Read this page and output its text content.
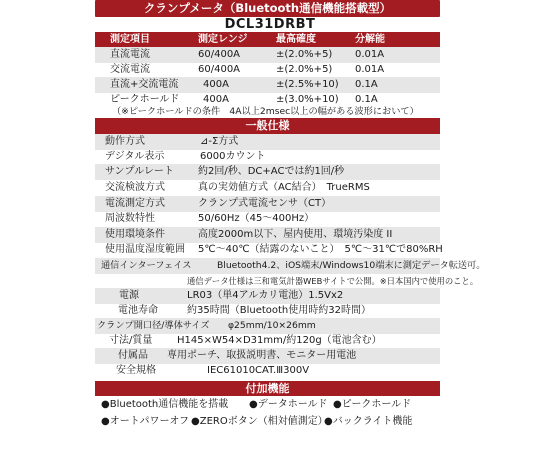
クランプメータ（Bluetooth通信機能搭載型）
DCL31DRBT
測定項目	測定レンジ	最高確度	分解能
直流電流	60/400A	±(2.0%+5) 0.01A
交流電流	60/400A	±(2.0%+5) 0.01A
直流+交流電流 400A	±(2.5%+10) 0.1A
ピークホールド 400A	±(3.0%+10) 0.1A
（※ピークホールドの条件　4A以上2msec以上の幅がある波形において）
一般仕様
動作方式	⊿-Σ方式
デジタル表示	6000カウント
サンプルレート 約2回/秒、DC+ACでは約1回/秒
交流検波方式	真の実効値方式（AC結合）　TrueRMS
電流測定方式	クランプ式電流センサ（CT）
周波数特性	50/60Hz（45〜400Hz）
使用環境条件	高度2000m以下、屋内使用、環境汚染度 II
使用温度湿度範囲 5℃〜40℃（結露のないこと）　5℃〜31℃で80%RH
通信インターフェイス	Bluetooth4.2、iOS端末/Windows10端末に測定データ転送可。
通信データ仕様は三和電気計器WEBサイトで公開。※日本国内で使用のこと。
電源	LR03（単4アルカリ電池）1.5Vx2
電池寿命	約35時間（Bluetooth使用時約32時間）
クランプ開口径/導体サイズ φ25mm/10×26mm
寸法/質量 H145×W54×D31mm/約120g（電池含む）
付属品 専用ポーチ、取扱説明書、モニター用電池
安全規格	IEC61010CAT.Ⅲ300V
付加機能
●Bluetooth通信機能を搭載 ●データホールド ●ピークホールド
●オートパワーオフ ●ZEROボタン（相対値測定）
●バックライト機能
